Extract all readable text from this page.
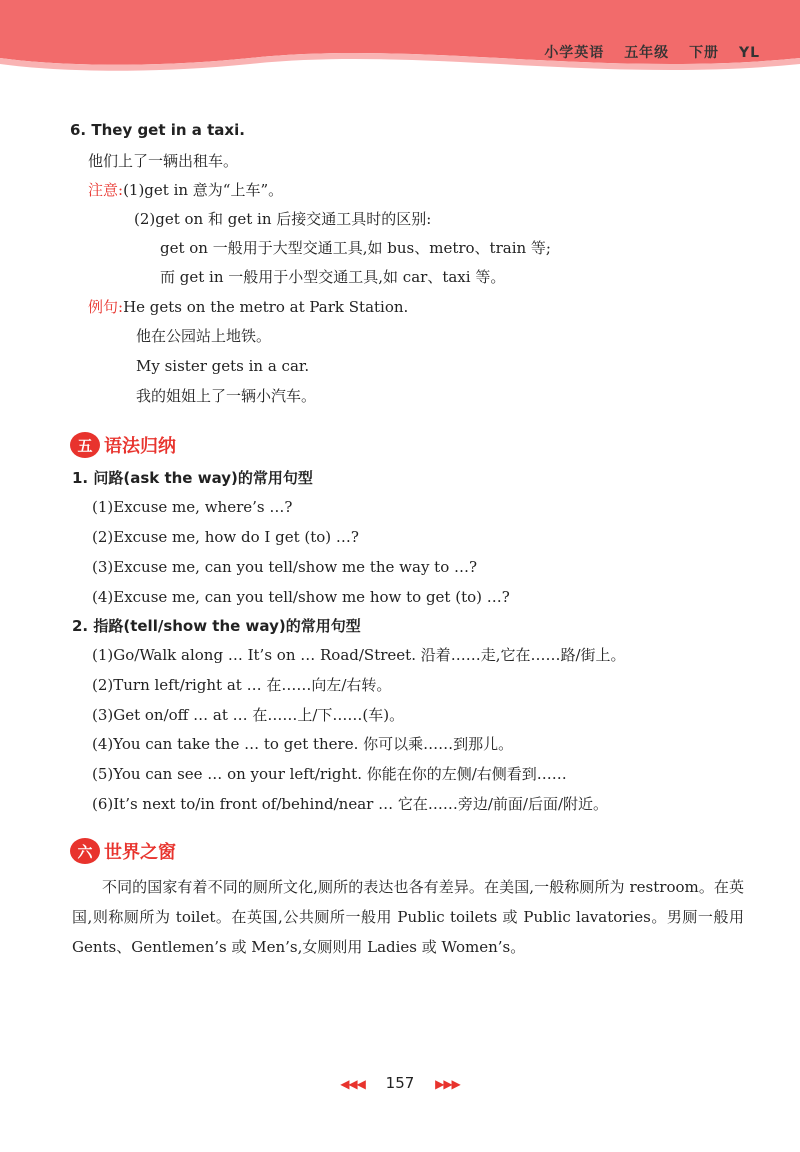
小学英语 五年级 下册 YL
6. They get in a taxi.
他们上了一辆出租车。
注意:(1)get in 意为“上车”。
(2)get on 和 get in 后接交通工具时的区别:
get on 一般用于大型交通工具,如 bus、metro、train 等;
而 get in 一般用于小型交通工具,如 car、taxi 等。
例句:He gets on the metro at Park Station.
他在公园站上地铁。
My sister gets in a car.
我的姐姐上了一辆小汽车。
五 语法归纳
1. 问路(ask the way)的常用句型
(1)Excuse me, where’s …?
(2)Excuse me, how do I get (to) …?
(3)Excuse me, can you tell/show me the way to …?
(4)Excuse me, can you tell/show me how to get (to) …?
2. 指路(tell/show the way)的常用句型
(1)Go/Walk along … It’s on … Road/Street. 沿着……走,它在……路/街上。
(2)Turn left/right at … 在……向左/右转。
(3)Get on/off … at … 在……上/下……(车)。
(4)You can take the … to get there. 你可以乘……到那儿。
(5)You can see … on your left/right. 你能在你的左侧/右侧看到……
(6)It’s next to/in front of/behind/near … 它在……旁边/前面/后面/附近。
六 世界之窗
不同的国家有着不同的厕所文化,厕所的表达也各有差异。在美国,一般称厕所为 restroom。在英国,则称厕所为 toilet。在英国,公共厕所一般用 Public toilets 或 Public lavatories。男厕一般用 Gents、Gentlemen’s 或 Men’s,女厕则用 Ladies 或 Women’s。
◀◀◀ 157 ▶▶▶
